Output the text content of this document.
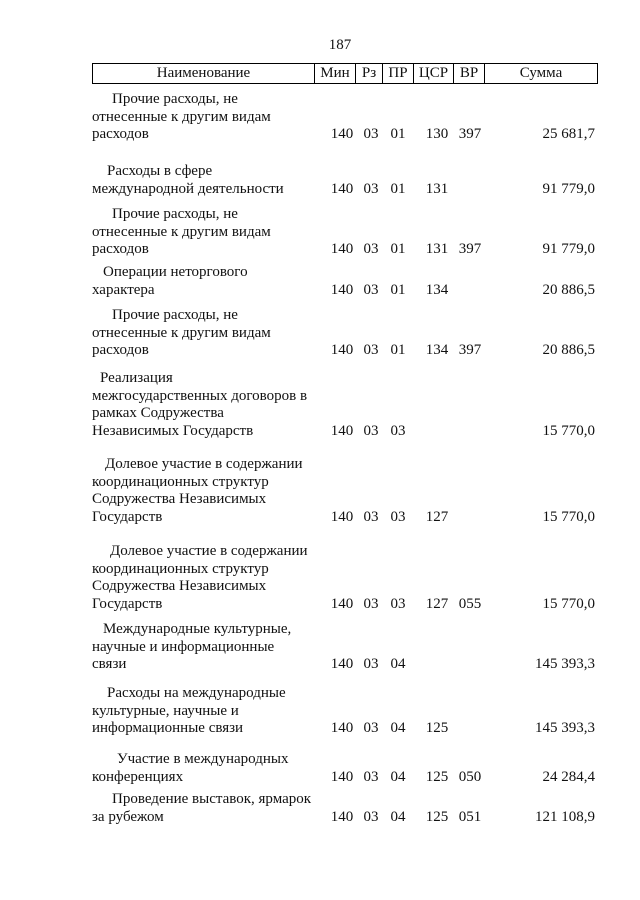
187
Наименование	Мин Рз ПР ЦСР ВР	Сумма
Прочие расходы, не
отнесенные к другим видам
расходов	140 03 01 130 397	25 681,7
Расходы в сфере
международной деятельности	140 03 01 131	91 779,0
Прочие расходы, не
отнесенные к другим видам
расходов	140 03 01 131 397	91 779,0
Операции неторгового
характера	140 03 01 134	20 886,5
Прочие расходы, не
отнесенные к другим видам
расходов	140 03 01 134 397	20 886,5
Реализация
межгосударственных договоров в
рамках Содружества
Независимых Государств	140 03 03	15 770,0
Долевое участие в содержании
координационных структур
Содружества Независимых
Государств	140 03 03 127	15 770,0
Долевое участие в содержании
координационных структур
Содружества Независимых
Государств	140 03 03 127 055	15 770,0
Международные культурные,
научные и информационные
связи	140 03 04	145 393,3
Расходы на международные
культурные, научные и
информационные связи	140 03 04 125	145 393,3
Участие в международных
конференциях	140 03 04 125 050	24 284,4
Проведение выставок, ярмарок
за рубежом	140 03 04 125 051	121 108,9
